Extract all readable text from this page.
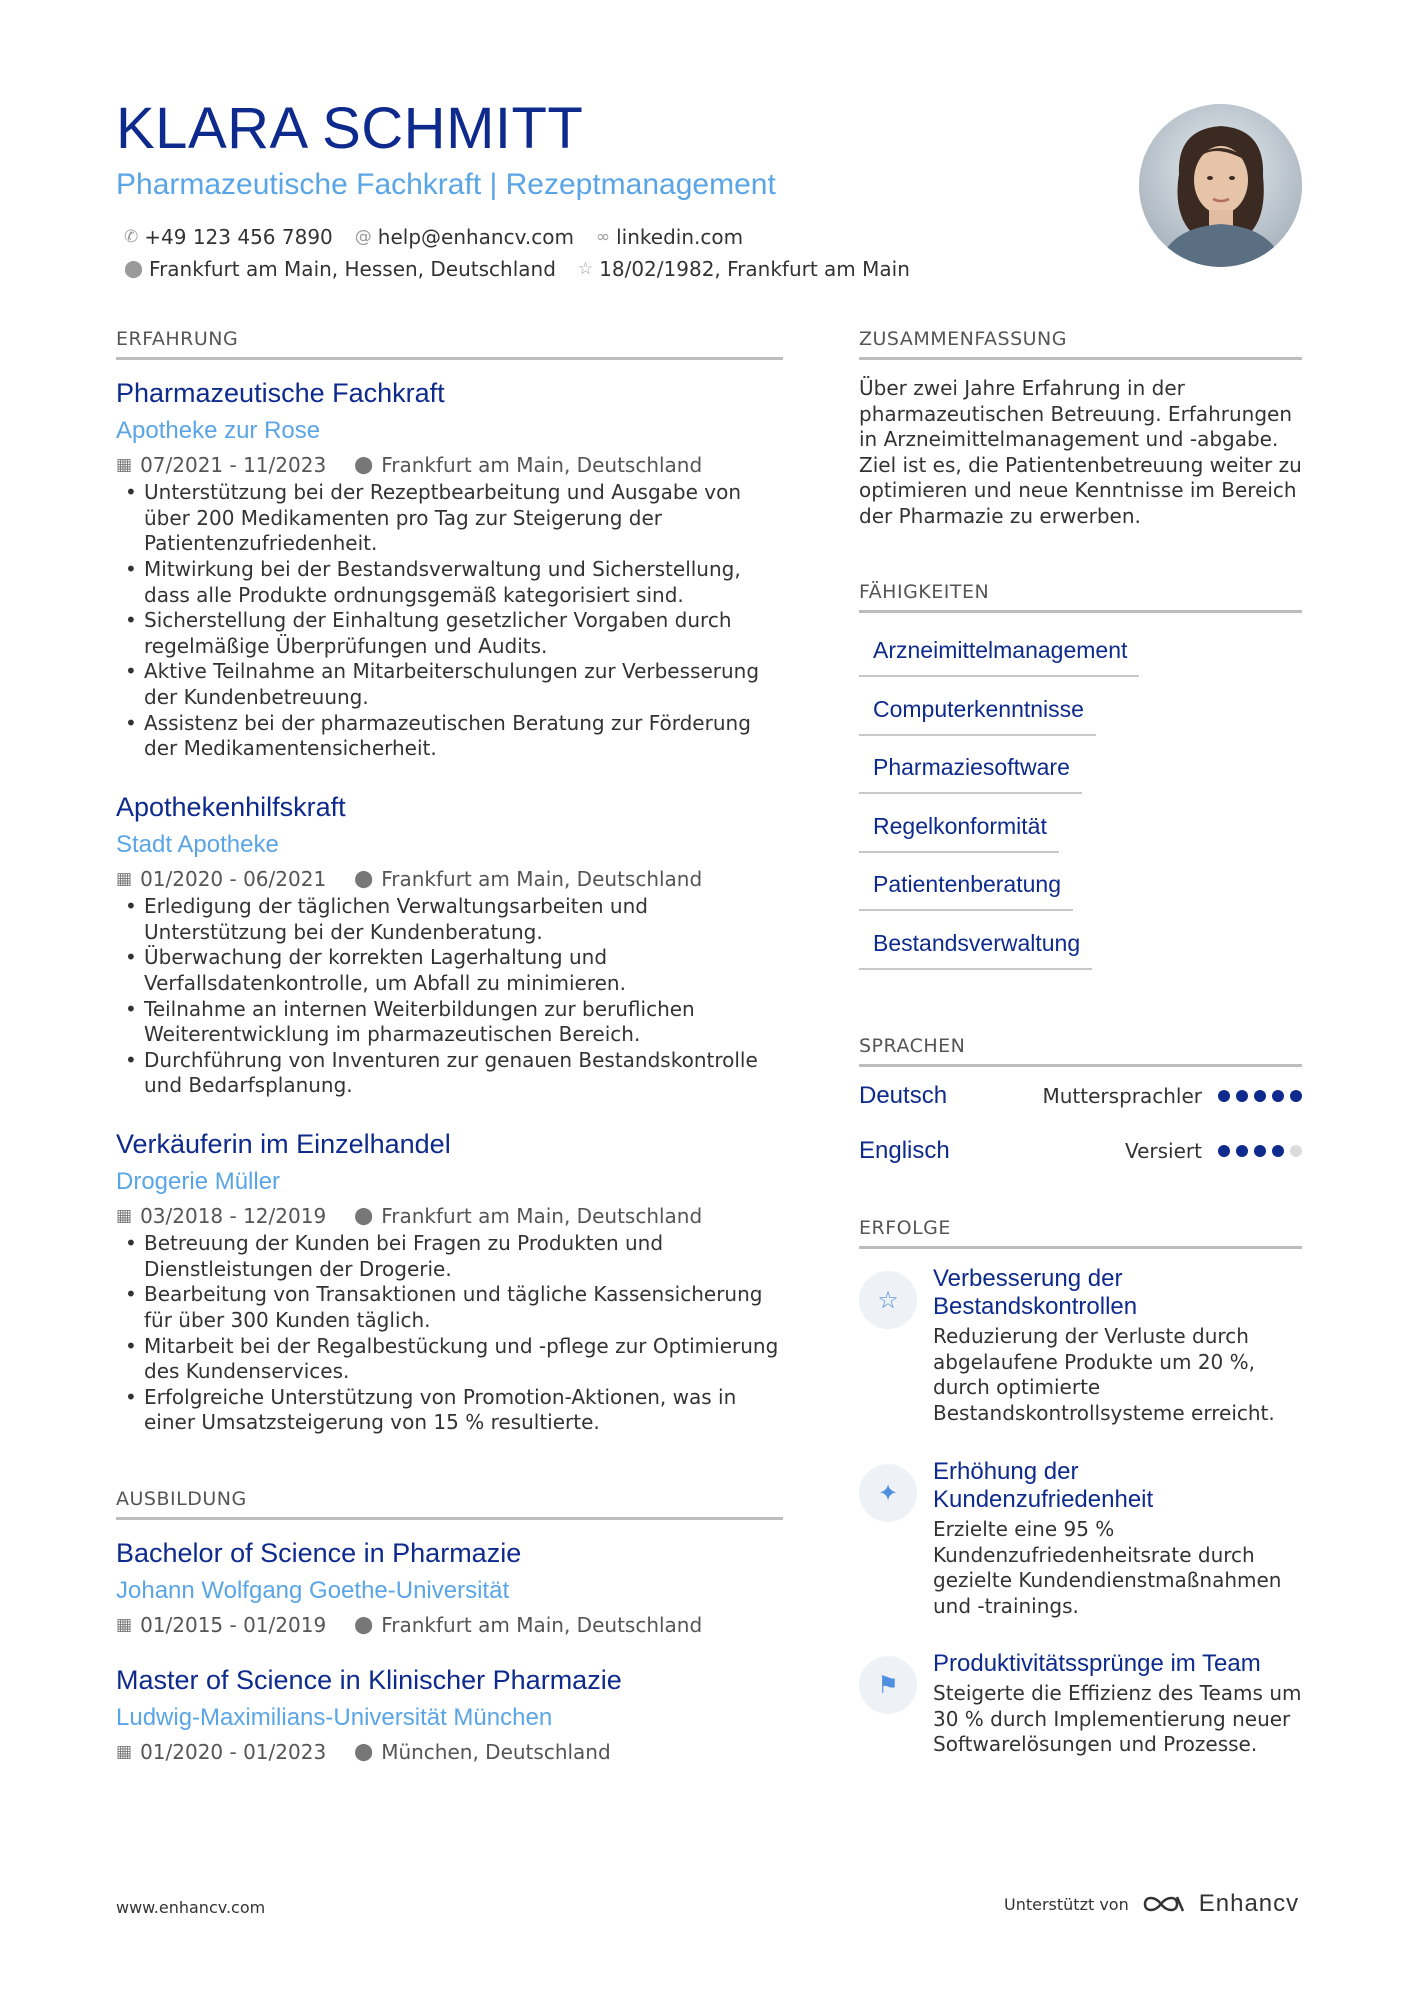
KLARA SCHMITT
Pharmazeutische Fachkraft | Rezeptmanagement
✆ +49 123 456 7890 @ help@enhancv.com ∞ linkedin.com
⬤ Frankfurt am Main, Hessen, Deutschland ☆ 18/02/1982, Frankfurt am Main
ERFAHRUNG
Pharmazeutische Fachkraft
Apotheke zur Rose
▦ 07/2021 - 11/2023 ⬤ Frankfurt am Main, Deutschland
• Unterstützung bei der Rezeptbearbeitung und Ausgabe von über 200 Medikamenten pro Tag zur Steigerung der Patientenzufriedenheit.
• Mitwirkung bei der Bestandsverwaltung und Sicherstellung, dass alle Produkte ordnungsgemäß kategorisiert sind.
• Sicherstellung der Einhaltung gesetzlicher Vorgaben durch regelmäßige Überprüfungen und Audits.
• Aktive Teilnahme an Mitarbeiterschulungen zur Verbesserung der Kundenbetreuung.
• Assistenz bei der pharmazeutischen Beratung zur Förderung der Medikamentensicherheit.
Apothekenhilfskraft
Stadt Apotheke
▦ 01/2020 - 06/2021 ⬤ Frankfurt am Main, Deutschland
• Erledigung der täglichen Verwaltungsarbeiten und Unterstützung bei der Kundenberatung.
• Überwachung der korrekten Lagerhaltung und Verfallsdatenkontrolle, um Abfall zu minimieren.
• Teilnahme an internen Weiterbildungen zur beruflichen Weiterentwicklung im pharmazeutischen Bereich.
• Durchführung von Inventuren zur genauen Bestandskontrolle und Bedarfsplanung.
Verkäuferin im Einzelhandel
Drogerie Müller
▦ 03/2018 - 12/2019 ⬤ Frankfurt am Main, Deutschland
• Betreuung der Kunden bei Fragen zu Produkten und Dienstleistungen der Drogerie.
• Bearbeitung von Transaktionen und tägliche Kassensicherung für über 300 Kunden täglich.
• Mitarbeit bei der Regalbestückung und -pflege zur Optimierung des Kundenservices.
• Erfolgreiche Unterstützung von Promotion-Aktionen, was in einer Umsatzsteigerung von 15 % resultierte.
AUSBILDUNG
Bachelor of Science in Pharmazie
Johann Wolfgang Goethe-Universität
▦ 01/2015 - 01/2019 ⬤ Frankfurt am Main, Deutschland
Master of Science in Klinischer Pharmazie
Ludwig-Maximilians-Universität München
▦ 01/2020 - 01/2023 ⬤ München, Deutschland
ZUSAMMENFASSUNG
Über zwei Jahre Erfahrung in der pharmazeutischen Betreuung. Erfahrungen in Arzneimittelmanagement und -abgabe. Ziel ist es, die Patientenbetreuung weiter zu optimieren und neue Kenntnisse im Bereich der Pharmazie zu erwerben.
FÄHIGKEITEN
Arzneimittelmanagement
Computerkenntnisse
Pharmaziesoftware
Regelkonformität
Patientenberatung
Bestandsverwaltung
SPRACHEN
Deutsch	Muttersprachler
Englisch	Versiert
ERFOLGE
☆
Verbesserung der Bestandskontrollen
Reduzierung der Verluste durch abgelaufene Produkte um 20 %, durch optimierte Bestandskontrollsysteme erreicht.
✦
Erhöhung der Kundenzufriedenheit
Erzielte eine 95 % Kundenzufriedenheitsrate durch gezielte Kundendienstmaßnahmen und -trainings.
⚑
Produktivitätssprünge im Team
Steigerte die Effizienz des Teams um 30 % durch Implementierung neuer Softwarelösungen und Prozesse.
www.enhancv.com	Unterstützt von	Enhancv
